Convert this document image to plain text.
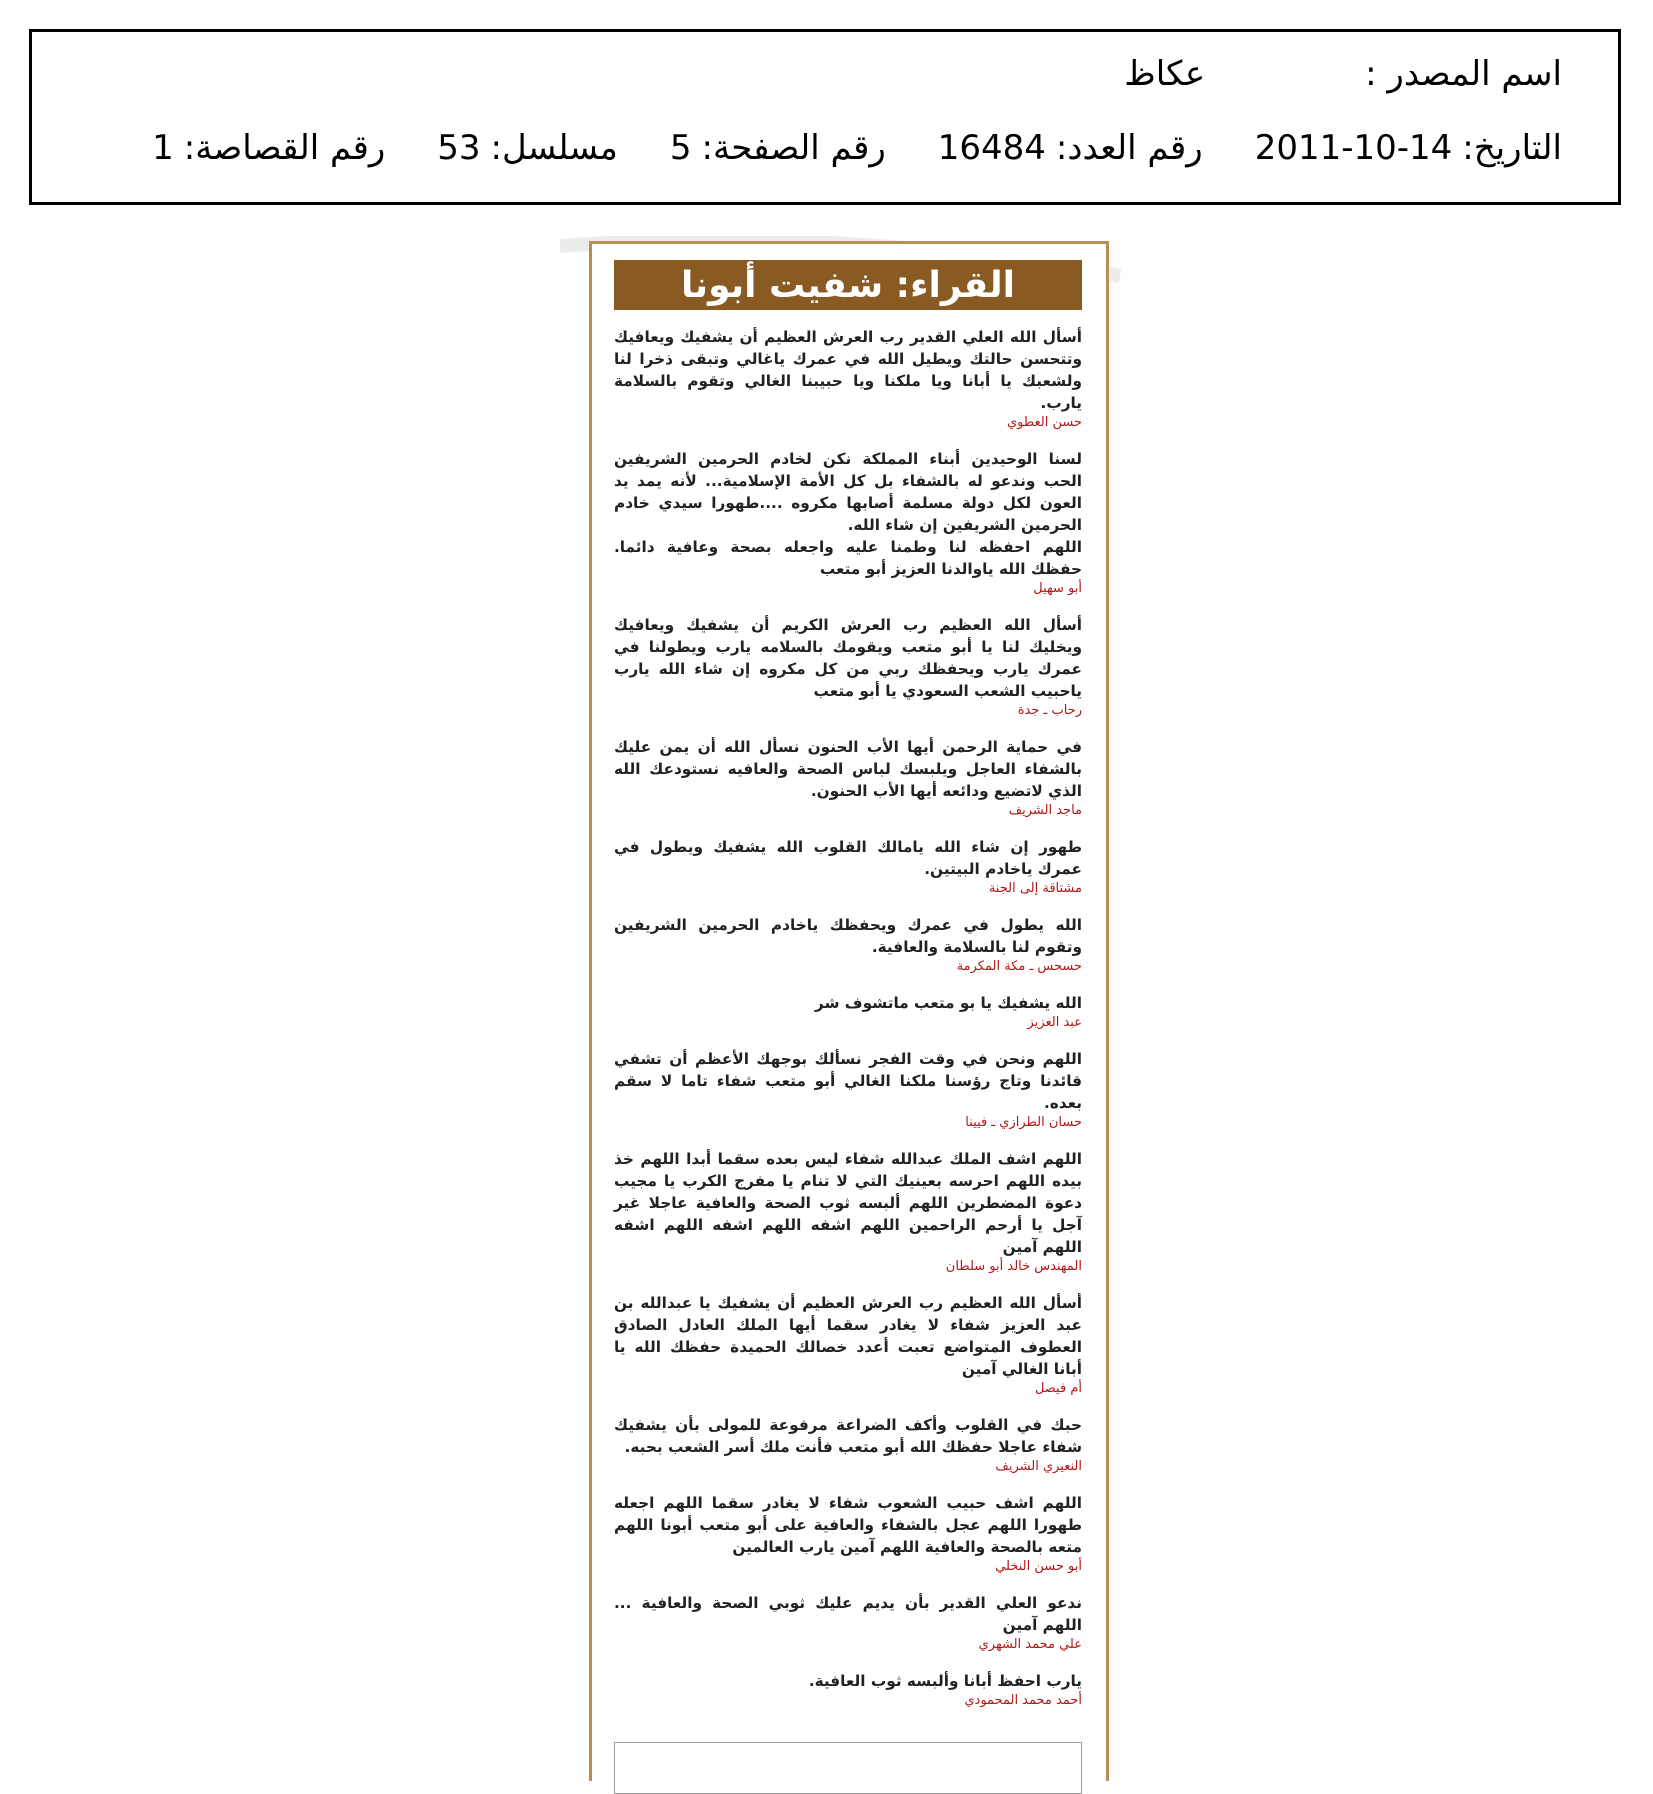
اسم المصدر :
عكاظ
التاريخ:
2011-10-14
رقم العدد:
16484
رقم الصفحة:
5
مسلسل:
53
رقم القصاصة:
1
القراء: شفيت أبونا
أسأل الله العلي القدير رب العرش العظيم أن يشفيك ويعافيك وتتحسن حالتك ويطيل الله في عمرك ياغالي وتبقى ذخرا لنا ولشعبك يا أبانا ويا ملكنا ويا حبيبنا الغالي وتقوم بالسلامة يارب.
حسن العطوي
لسنا الوحيدين أبناء المملكة نكن لخادم الحرمين الشريفين الحب وندعو له بالشفاء بل كل الأمة الإسلامية... لأنه يمد يد العون لكل دولة مسلمة أصابها مكروه ....طهورا سيدي خادم الحرمين الشريفين إن شاء الله.
اللهم احفظه لنا وطمنا عليه واجعله بصحة وعافية دائما. حفظك الله ياوالدنا العزيز أبو متعب
أبو سهيل
أسأل الله العظيم رب العرش الكريم أن يشفيك ويعافيك ويخليك لنا يا أبو متعب ويقومك بالسلامه يارب ويطولنا في عمرك يارب ويحفظك ربي من كل مكروه إن شاء الله يارب ياحبيب الشعب السعودي يا أبو متعب
رحاب ـ جدة
في حماية الرحمن أيها الأب الحنون نسأل الله أن يمن عليك بالشفاء العاجل ويلبسك لباس الصحة والعافيه نستودعك الله الذي لاتضيع ودائعه أيها الأب الحنون.
ماجد الشريف
طهور إن شاء الله يامالك القلوب الله يشفيك ويطول في عمرك ياخادم البيتين.
مشتاقة إلى الجنة
الله يطول في عمرك ويحفظك ياخادم الحرمين الشريفين وتقوم لنا بالسلامة والعافية.
حسحس ـ مكة المكرمة
الله يشفيك يا بو متعب ماتشوف شر
عبد العزيز
اللهم ونحن في وقت الفجر نسألك بوجهك الأعظم أن تشفي قائدنا وتاج رؤسنا ملكنا الغالي أبو متعب شفاء تاما لا سقم بعده.
حسان الطرازي ـ فيينا
اللهم اشف الملك عبدالله شفاء ليس بعده سقما أبدا اللهم خذ بيده اللهم احرسه بعينيك التي لا تنام يا مفرج الكرب يا مجيب دعوة المضطرين اللهم ألبسه ثوب الصحة والعافية عاجلا غير آجل يا أرحم الراحمين اللهم اشفه اللهم اشفه اللهم اشفه اللهم آمين
المهندس خالد أبو سلطان
أسأل الله العظيم رب العرش العظيم أن يشفيك يا عبدالله بن عبد العزيز شفاء لا يغادر سقما أيها الملك العادل الصادق العطوف المتواضع تعبت أعدد خصالك الحميدة حفظك الله يا أبانا الغالي آمين
أم فيصل
حبك في القلوب وأكف الضراعة مرفوعة للمولى بأن يشفيك شفاء عاجلا حفظك الله أبو متعب فأنت ملك أسر الشعب بحبه.
النعيري الشريف
اللهم اشف حبيب الشعوب شفاء لا يغادر سقما اللهم اجعله طهورا اللهم عجل بالشفاء والعافية على أبو متعب أبونا اللهم متعه بالصحة والعافية اللهم آمين يارب العالمين
أبو حسن النخلي
ندعو العلي القدير بأن يديم عليك ثوبي الصحة والعافية ... اللهم آمين
علي محمد الشهري
يارب احفظ أبانا وألبسه ثوب العافية.
أحمد محمد المحمودي
